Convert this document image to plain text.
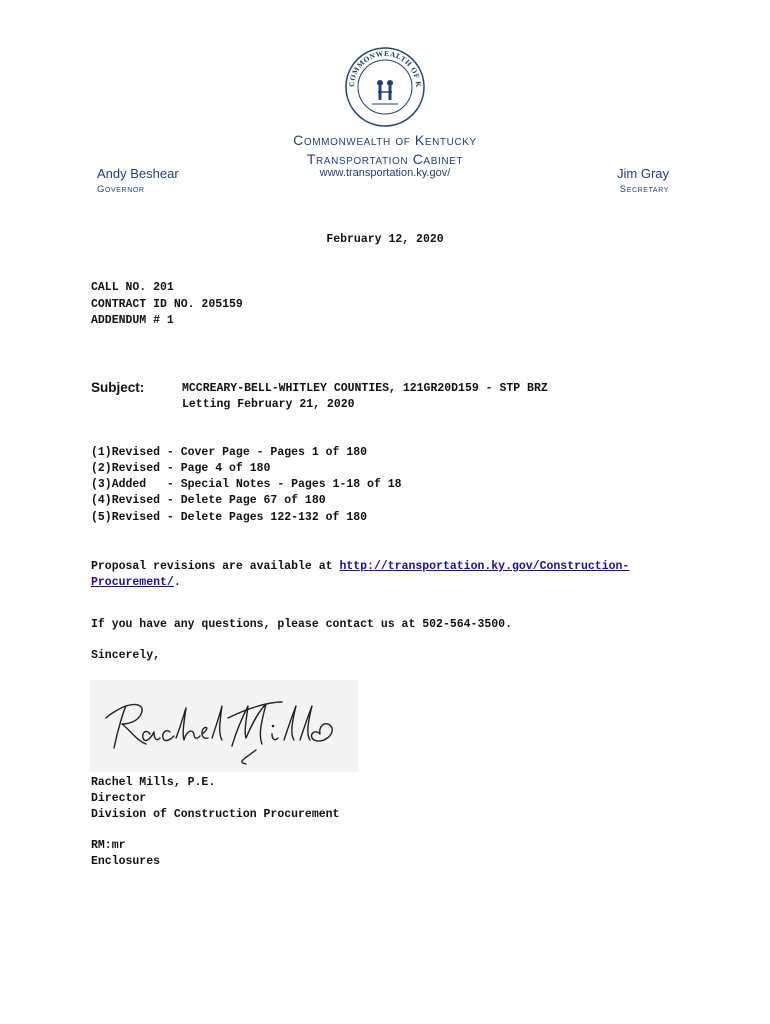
COMMONWEALTH OF K
Commonwealth of Kentucky
Transportation Cabinet
www.transportation.ky.gov/
Andy Beshear
Governor
Jim Gray
Secretary
February 12, 2020
CALL NO. 201
CONTRACT ID NO. 205159
ADDENDUM # 1
Subject:	MCCREARY-BELL-WHITLEY COUNTIES, 121GR20D159 - STP BRZ
Letting February 21, 2020
(1)Revised - Cover Page - Pages 1 of 180
(2)Revised - Page 4 of 180
(3)Added   - Special Notes - Pages 1-18 of 18
(4)Revised - Delete Page 67 of 180
(5)Revised - Delete Pages 122-132 of 180
Proposal revisions are available at http://transportation.ky.gov/Construction-Procurement/.
If you have any questions, please contact us at 502-564-3500.
Sincerely,
Rachel Mills, P.E.
Director
Division of Construction Procurement
RM:mr
Enclosures
